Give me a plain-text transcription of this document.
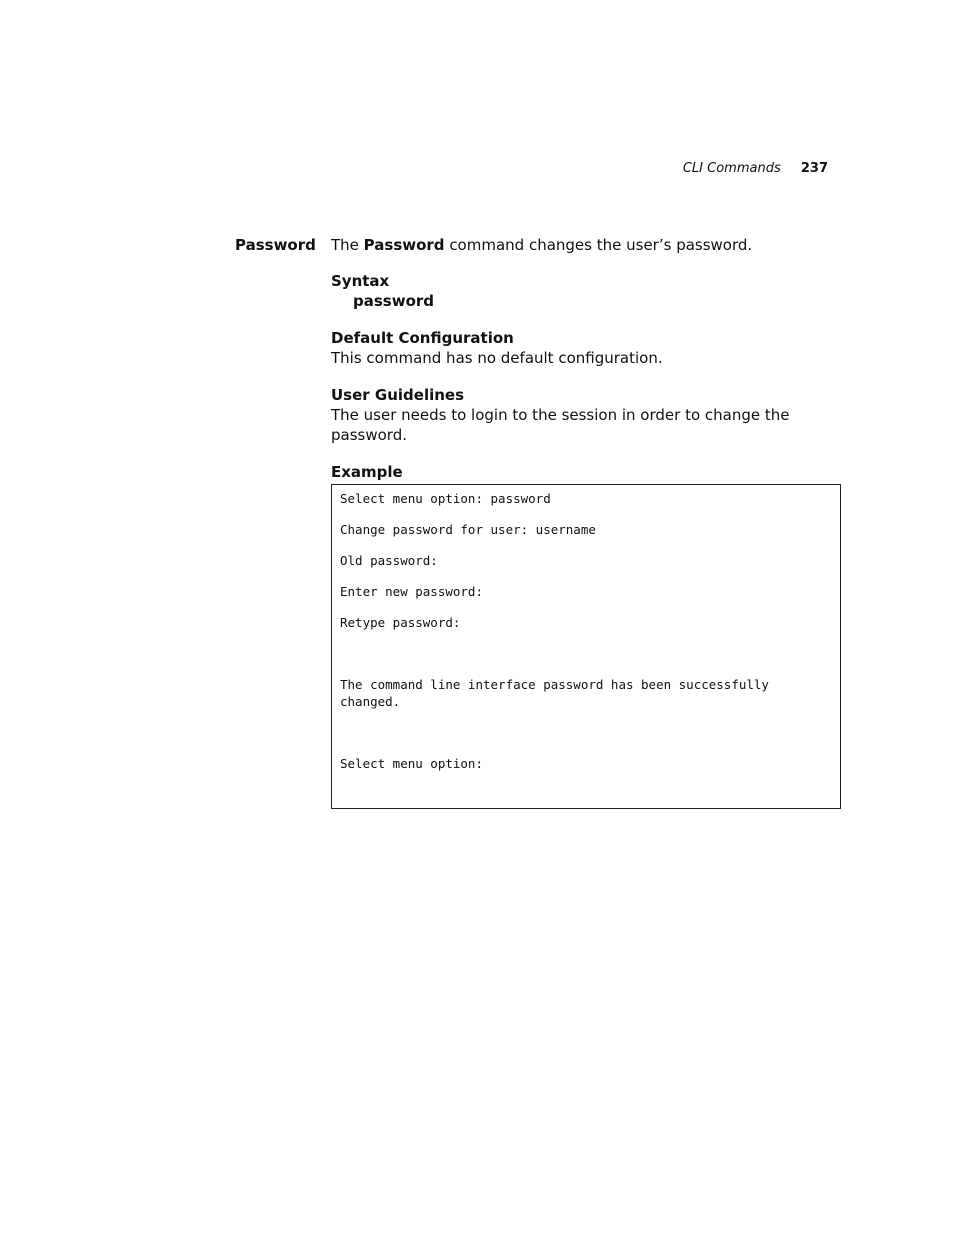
CLI Commands 237
Password The Password command changes the user’s password.

Syntax

password

Default Configuration

This command has no default configuration.

User Guidelines

The user needs to login to the session in order to change the password.

Example

Select menu option: password
Change password for user: username
Old password:
Enter new password:
Retype password:
The command line interface password has been successfully
changed.
Select menu option:
